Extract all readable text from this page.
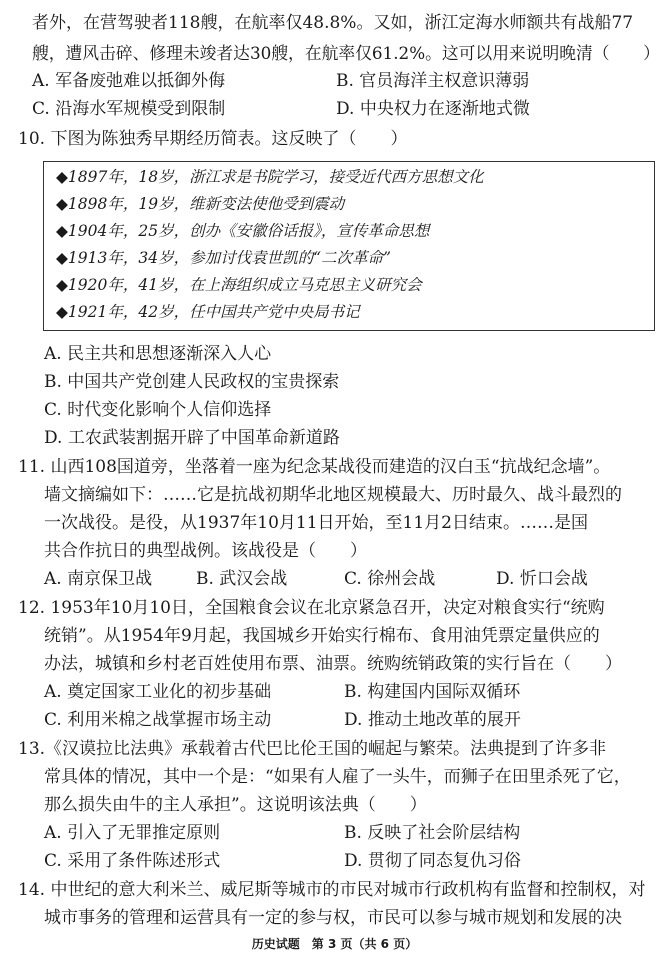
者外，在营驾驶者118艘，在航率仅48.8%。又如，浙江定海水师额共有战船77
艘，遭风击碎、修理未竣者达30艘，在航率仅61.2%。这可以用来说明晚清（　　）
A. 军备废弛难以抵御外侮	B. 官员海洋主权意识薄弱
C. 沿海水军规模受到限制	D. 中央权力在逐渐地式微
10. 下图为陈独秀早期经历简表。这反映了（　　）
◆1897年，18岁，浙江求是书院学习，接受近代西方思想文化
◆1898年，19岁，维新变法使他受到震动
◆1904年，25岁，创办《安徽俗话报》，宣传革命思想
◆1913年，34岁，参加讨伐袁世凯的“二次革命”
◆1920年，41岁，在上海组织成立马克思主义研究会
◆1921年，42岁，任中国共产党中央局书记
A. 民主共和思想逐渐深入人心
B. 中国共产党创建人民政权的宝贵探索
C. 时代变化影响个人信仰选择
D. 工农武装割据开辟了中国革命新道路
11. 山西108国道旁，坐落着一座为纪念某战役而建造的汉白玉“抗战纪念墙”。
墙文摘编如下：……它是抗战初期华北地区规模最大、历时最久、战斗最烈的
一次战役。是役，从1937年10月11日开始，至11月2日结束。……是国
共合作抗日的典型战例。该战役是（　　）
A. 南京保卫战	B. 武汉会战	C. 徐州会战	D. 忻口会战
12. 1953年10月10日，全国粮食会议在北京紧急召开，决定对粮食实行“统购
统销”。从1954年9月起，我国城乡开始实行棉布、食用油凭票定量供应的
办法，城镇和乡村老百姓使用布票、油票。统购统销政策的实行旨在（　　）
A. 奠定国家工业化的初步基础	B. 构建国内国际双循环
C. 利用米棉之战掌握市场主动	D. 推动土地改革的展开
13.《汉谟拉比法典》承载着古代巴比伦王国的崛起与繁荣。法典提到了许多非
常具体的情况，其中一个是：“如果有人雇了一头牛，而狮子在田里杀死了它，
那么损失由牛的主人承担”。这说明该法典（　　）
A. 引入了无罪推定原则	B. 反映了社会阶层结构
C. 采用了条件陈述形式	D. 贯彻了同态复仇习俗
14. 中世纪的意大利米兰、威尼斯等城市的市民对城市行政机构有监督和控制权，对
城市事务的管理和运营具有一定的参与权，市民可以参与城市规划和发展的决
历史试题　第 3 页（共 6 页）
